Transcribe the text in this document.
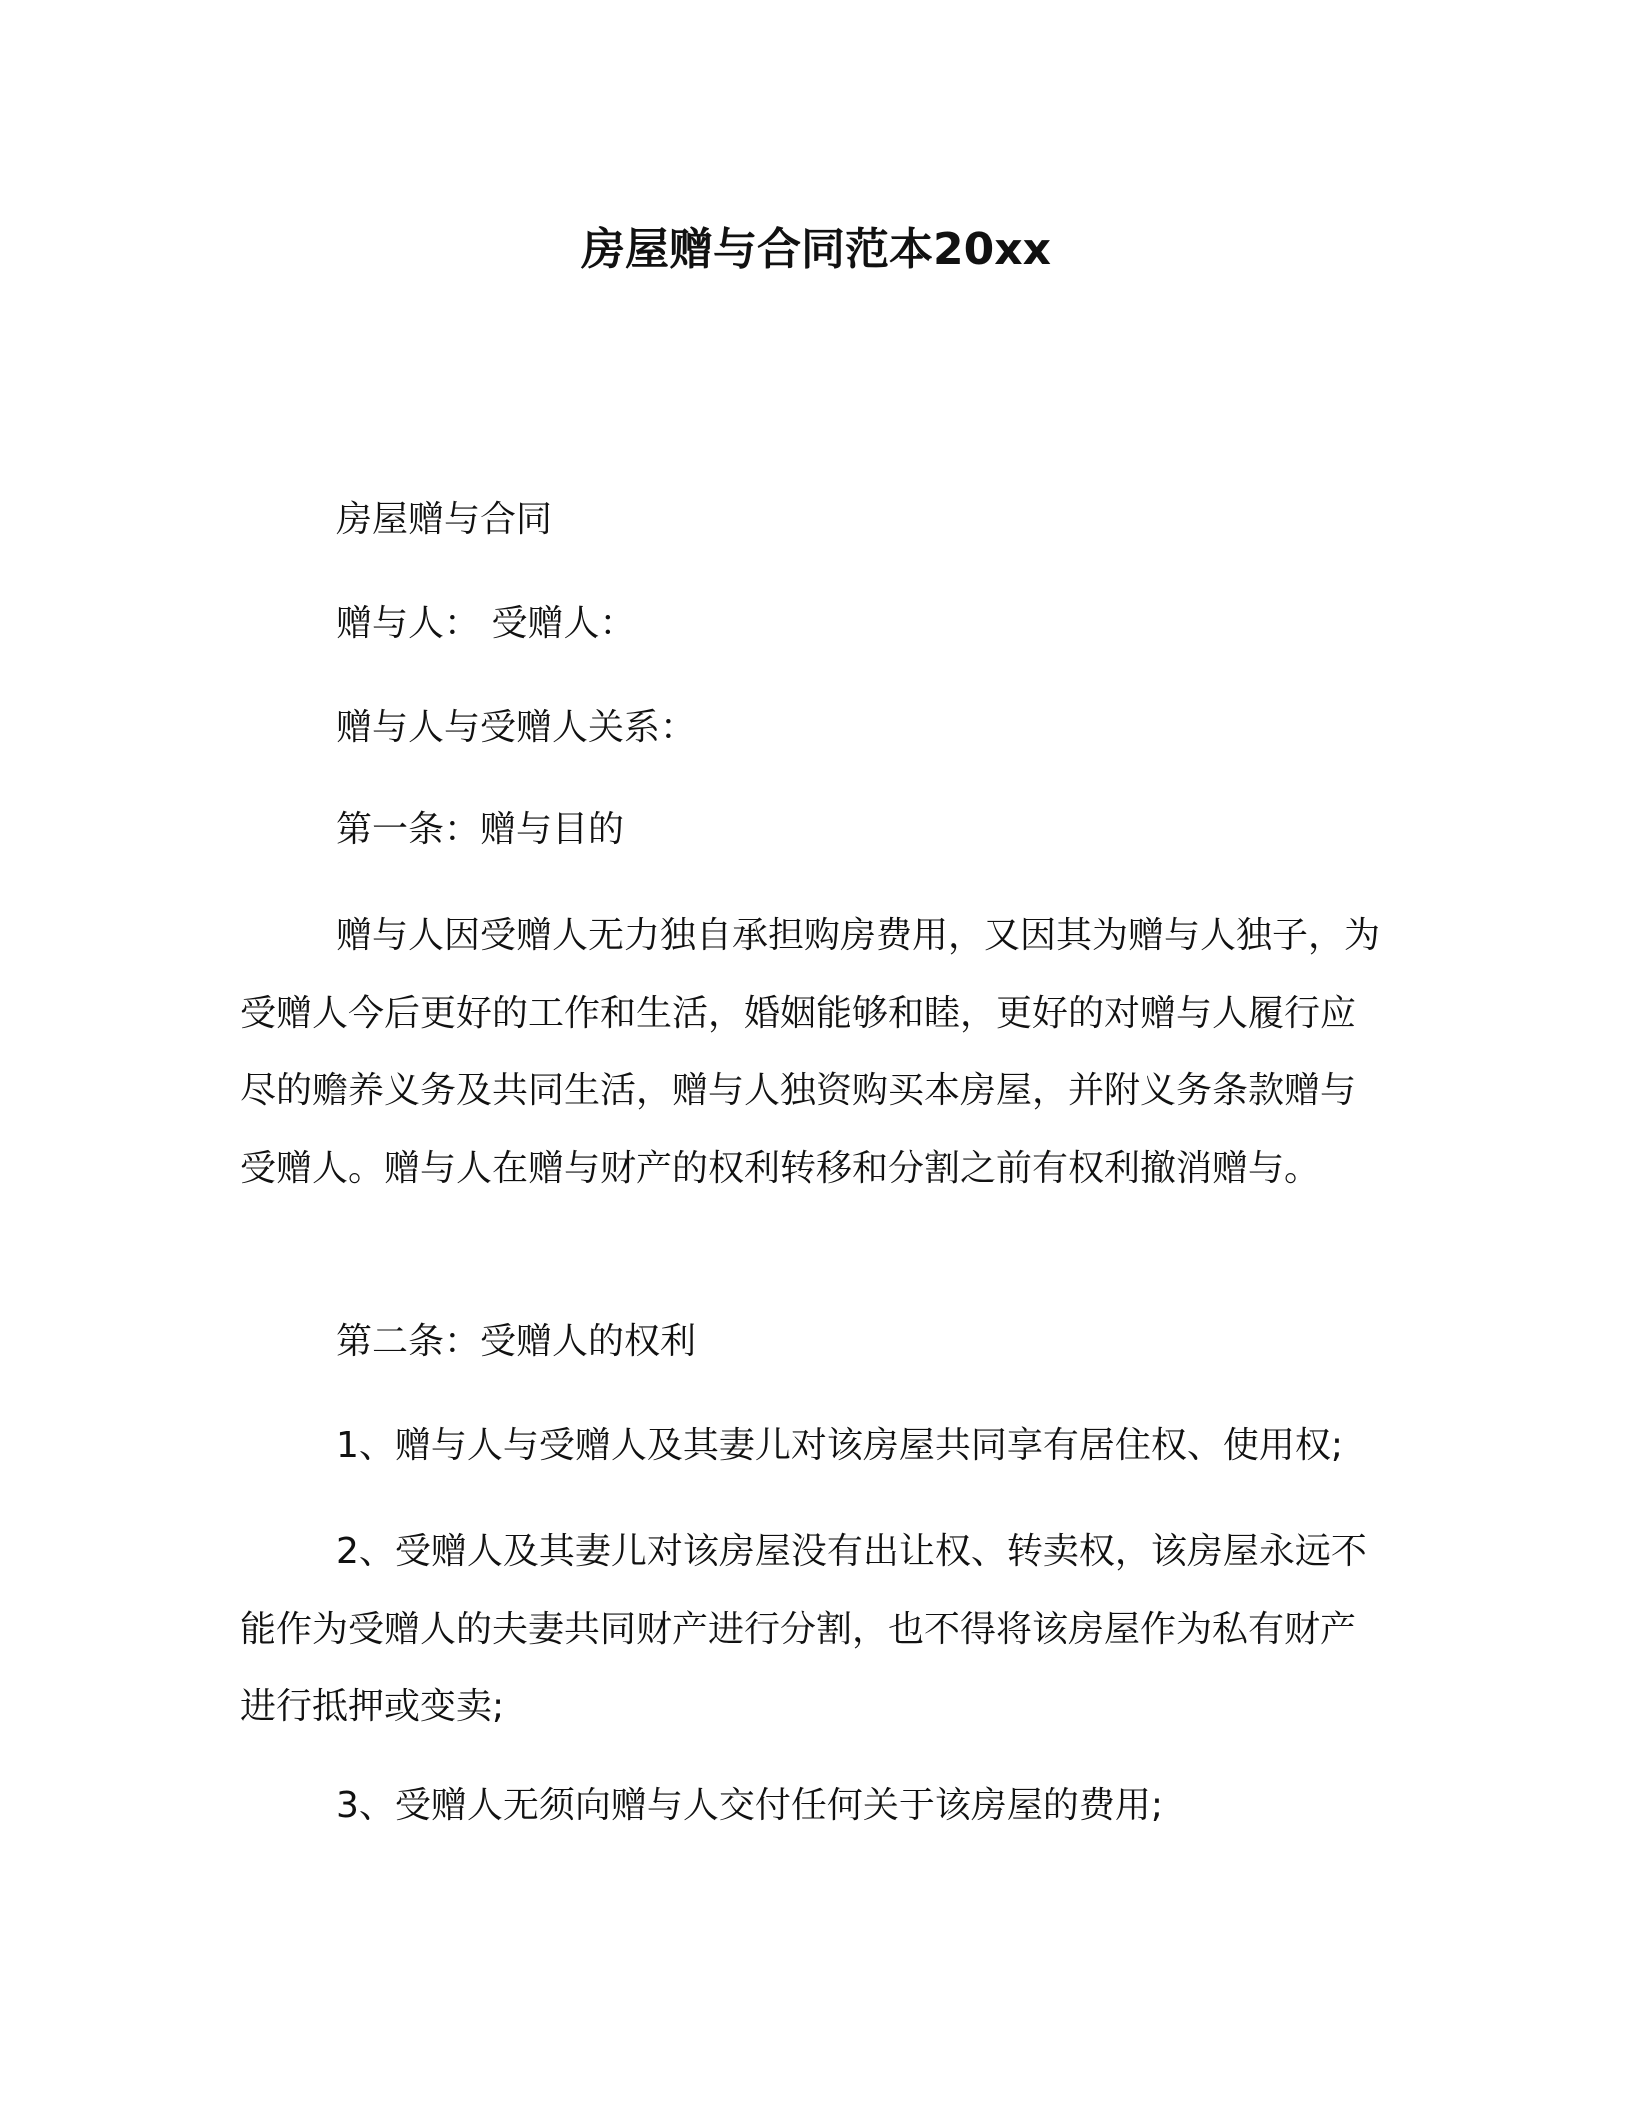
房屋赠与合同范本20xx

房屋赠与合同

赠与人： 受赠人：

赠与人与受赠人关系：

第一条：赠与目的

赠与人因受赠人无力独自承担购房费用，又因其为赠与人独子，为受赠人今后更好的工作和生活，婚姻能够和睦，更好的对赠与人履行应尽的赡养义务及共同生活，赠与人独资购买本房屋，并附义务条款赠与受赠人。赠与人在赠与财产的权利转移和分割之前有权利撤消赠与。

第二条：受赠人的权利

1、赠与人与受赠人及其妻儿对该房屋共同享有居住权、使用权;

2、受赠人及其妻儿对该房屋没有出让权、转卖权，该房屋永远不能作为受赠人的夫妻共同财产进行分割，也不得将该房屋作为私有财产进行抵押或变卖;

3、受赠人无须向赠与人交付任何关于该房屋的费用;
